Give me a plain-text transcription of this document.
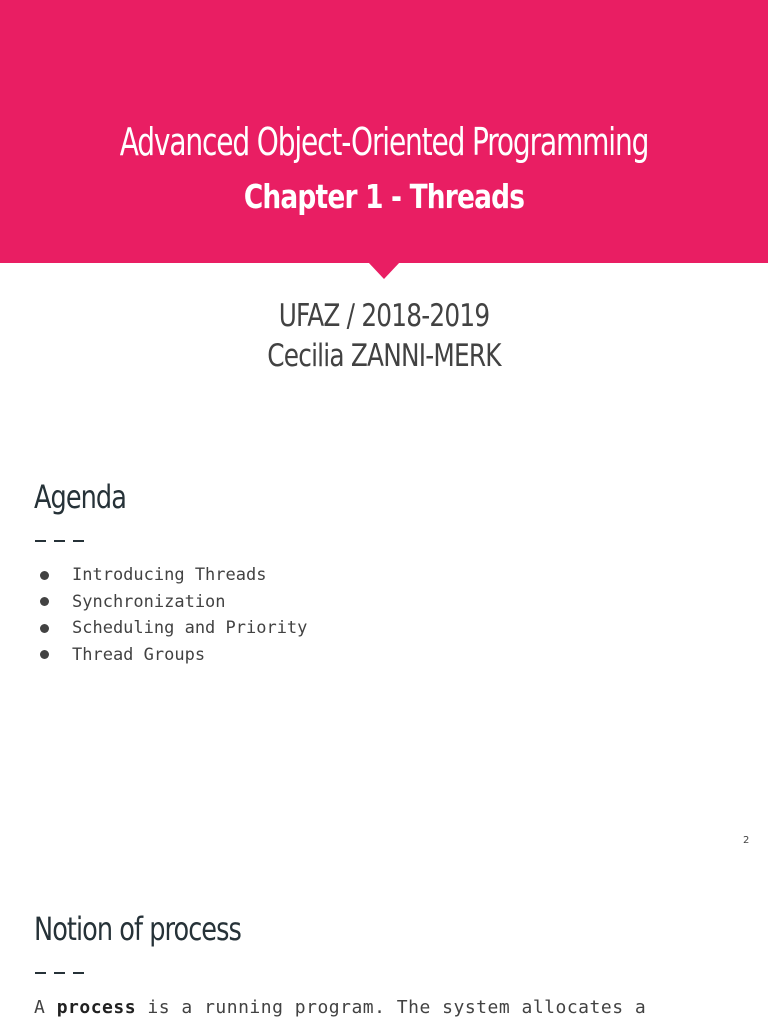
Advanced Object-Oriented Programming
Chapter 1 - Threads
UFAZ / 2018-2019
Cecilia ZANNI-MERK
Agenda
Introducing Threads
Synchronization
Scheduling and Priority
Thread Groups
2
Notion of process
A process is a running program. The system allocates a
